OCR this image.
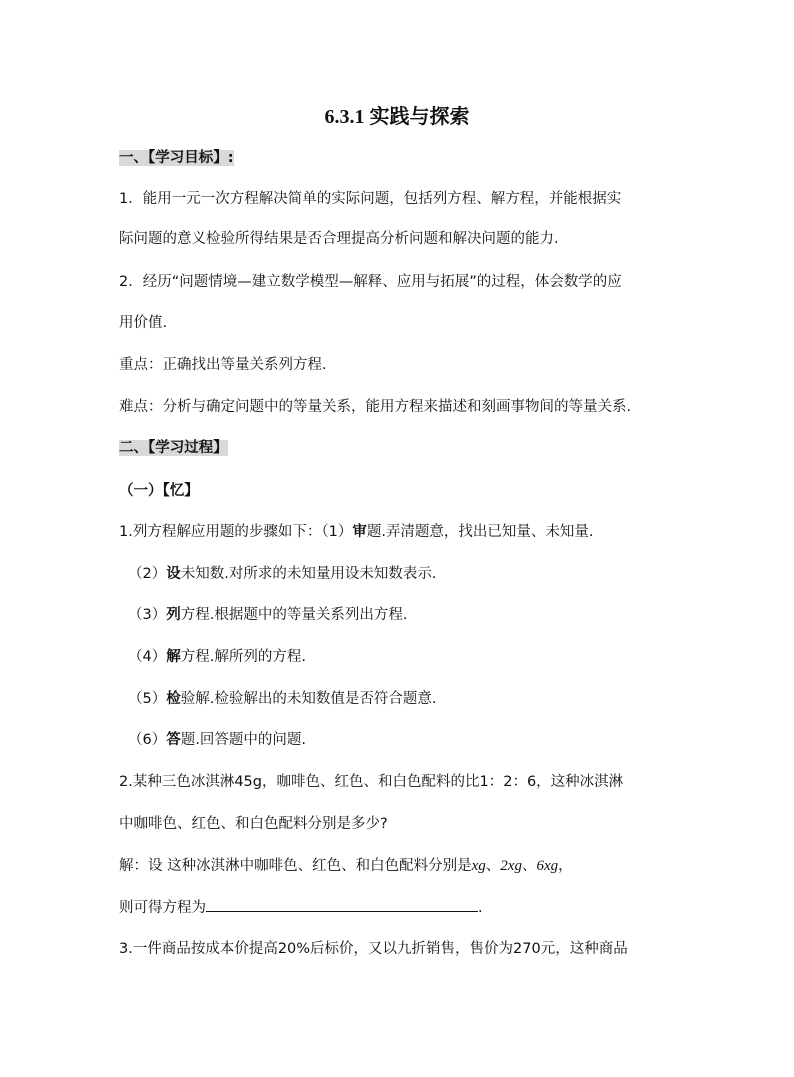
6.3.1 实践与探索
一、【学习目标】:
1．能用一元一次方程解决简单的实际问题，包括列方程、解方程，并能根据实
际问题的意义检验所得结果是否合理提高分析问题和解决问题的能力.
2．经历“问题情境—建立数学模型—解释、应用与拓展”的过程，体会数学的应
用价值.
重点：正确找出等量关系列方程.
难点：分析与确定问题中的等量关系，能用方程来描述和刻画事物间的等量关系.
二、【学习过程】
（一）【忆】
1.列方程解应用题的步骤如下：（1）审题.弄清题意，找出已知量、未知量.
（2）设未知数.对所求的未知量用设未知数表示.
（3）列方程.根据题中的等量关系列出方程.
（4）解方程.解所列的方程.
（5）检验解.检验解出的未知数值是否符合题意.
（6）答题.回答题中的问题.
2.某种三色冰淇淋45g，咖啡色、红色、和白色配料的比1：2：6，这种冰淇淋
中咖啡色、红色、和白色配料分别是多少?
解：设 这种冰淇淋中咖啡色、红色、和白色配料分别是xg、2xg、6xg，
则可得方程为	.
3.一件商品按成本价提高20%后标价，又以九折销售，售价为270元，这种商品
